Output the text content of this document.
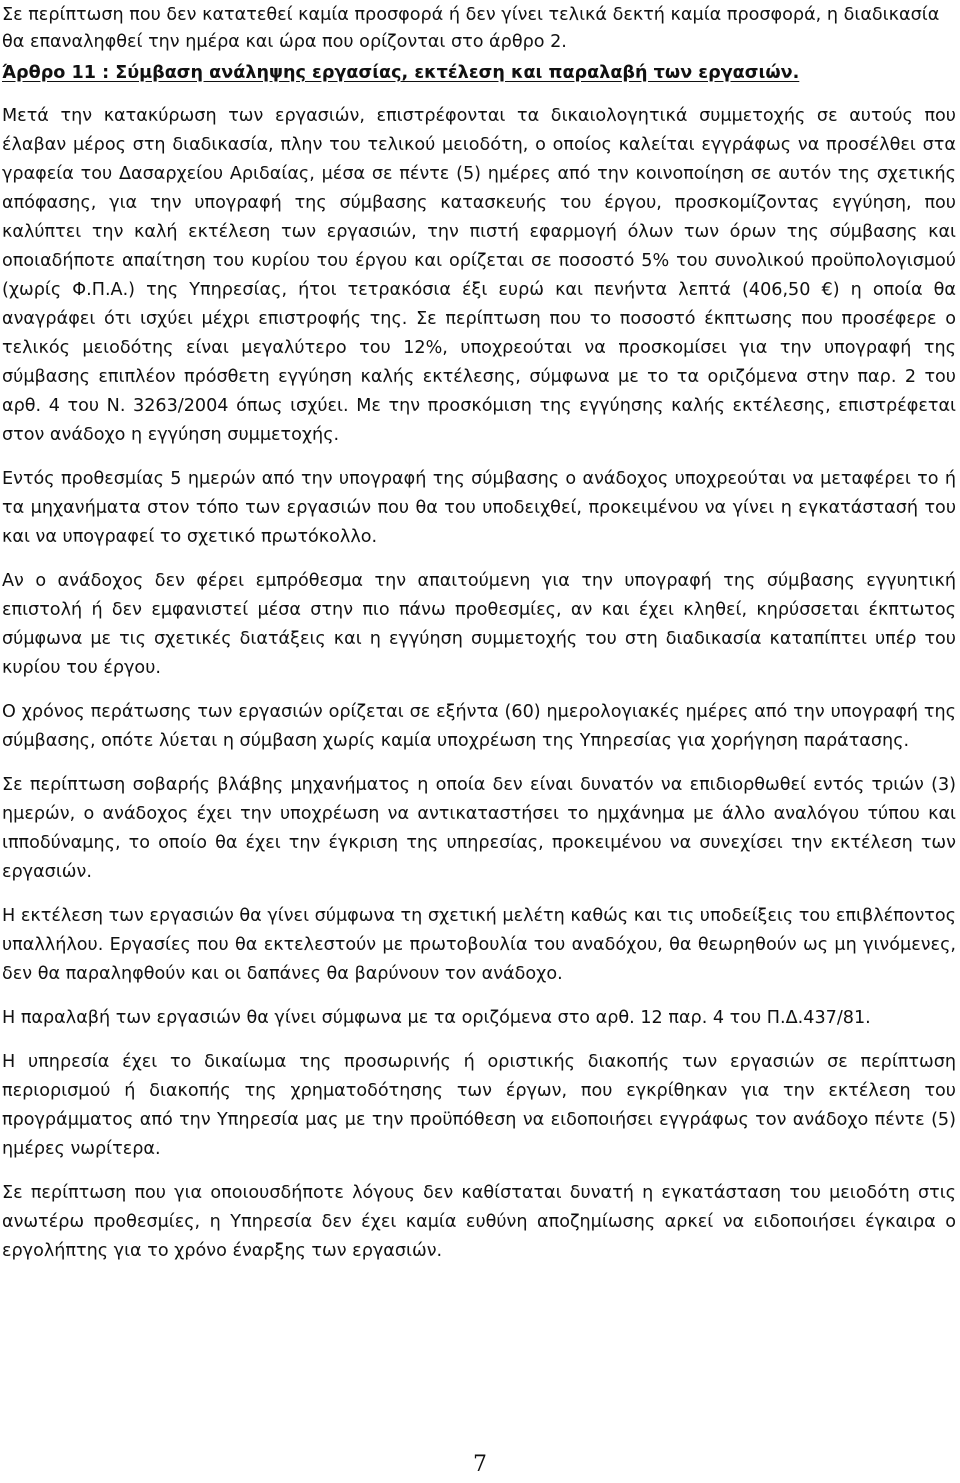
Σε περίπτωση που δεν κατατεθεί καμία προσφορά ή δεν γίνει τελικά δεκτή καμία προσφορά, η διαδικασία θα επαναληφθεί την ημέρα και ώρα που ορίζονται στο άρθρο 2.

Άρθρο 11 : Σύμβαση ανάληψης εργασίας, εκτέλεση και παραλαβή των εργασιών.

Μετά την κατακύρωση των εργασιών, επιστρέφονται τα δικαιολογητικά συμμετοχής σε αυτούς που έλαβαν μέρος στη διαδικασία, πλην του τελικού μειοδότη, ο οποίος καλείται εγγράφως να προσέλθει στα γραφεία του Δασαρχείου Αριδαίας, μέσα σε πέντε (5) ημέρες από την κοινοποίηση σε αυτόν της σχετικής απόφασης, για την υπογραφή της σύμβασης κατασκευής του έργου, προσκομίζοντας εγγύηση, που καλύπτει την καλή εκτέλεση των εργασιών, την πιστή εφαρμογή όλων των όρων της σύμβασης και οποιαδήποτε απαίτηση του κυρίου του έργου και ορίζεται σε ποσοστό 5% του συνολικού προϋπολογισμού (χωρίς Φ.Π.Α.) της Υπηρεσίας, ήτοι τετρακόσια έξι ευρώ και πενήντα λεπτά (406,50 €) η οποία θα αναγράφει ότι ισχύει μέχρι επιστροφής της. Σε περίπτωση που το ποσοστό έκπτωσης που προσέφερε ο τελικός μειοδότης είναι μεγαλύτερο του 12%, υποχρεούται να προσκομίσει για την υπογραφή της σύμβασης επιπλέον πρόσθετη εγγύηση καλής εκτέλεσης, σύμφωνα με το τα οριζόμενα στην παρ. 2 του αρθ. 4 του Ν. 3263/2004 όπως ισχύει. Με την προσκόμιση της εγγύησης καλής εκτέλεσης, επιστρέφεται στον ανάδοχο η εγγύηση συμμετοχής.

Εντός προθεσμίας 5 ημερών από την υπογραφή της σύμβασης ο ανάδοχος υποχρεούται να μεταφέρει το ή τα μηχανήματα στον τόπο των εργασιών που θα του υποδειχθεί, προκειμένου να γίνει η εγκατάστασή του και να υπογραφεί το σχετικό πρωτόκολλο.

Αν ο ανάδοχος δεν φέρει εμπρόθεσμα την απαιτούμενη για την υπογραφή της σύμβασης εγγυητική επιστολή ή δεν εμφανιστεί μέσα στην πιο πάνω προθεσμίες, αν και έχει κληθεί, κηρύσσεται έκπτωτος σύμφωνα με τις σχετικές διατάξεις και η εγγύηση συμμετοχής του στη διαδικασία καταπίπτει υπέρ του κυρίου του έργου.

Ο χρόνος περάτωσης των εργασιών ορίζεται σε εξήντα (60) ημερολογιακές ημέρες από την υπογραφή της σύμβασης, οπότε λύεται η σύμβαση χωρίς καμία υποχρέωση της Υπηρεσίας για χορήγηση παράτασης.

Σε περίπτωση σοβαρής βλάβης μηχανήματος η οποία δεν είναι δυνατόν να επιδιορθωθεί εντός τριών (3) ημερών, ο ανάδοχος έχει την υποχρέωση να αντικαταστήσει το ημχάνημα με άλλο αναλόγου τύπου και ιπποδύναμης, το οποίο θα έχει την έγκριση της υπηρεσίας, προκειμένου να συνεχίσει την εκτέλεση των εργασιών.

Η εκτέλεση των εργασιών θα γίνει σύμφωνα τη σχετική μελέτη καθώς και τις υποδείξεις του επιβλέποντος υπαλλήλου. Εργασίες που θα εκτελεστούν με πρωτοβουλία του αναδόχου, θα θεωρηθούν ως μη γινόμενες, δεν θα παραληφθούν και οι δαπάνες θα βαρύνουν τον ανάδοχο.

Η παραλαβή των εργασιών θα γίνει σύμφωνα με τα οριζόμενα στο αρθ. 12 παρ. 4 του Π.Δ.437/81.

Η υπηρεσία έχει το δικαίωμα της προσωρινής ή οριστικής διακοπής των εργασιών σε περίπτωση περιορισμού ή διακοπής της χρηματοδότησης των έργων, που εγκρίθηκαν για την εκτέλεση του προγράμματος από την Υπηρεσία μας με την προϋπόθεση να ειδοποιήσει εγγράφως τον ανάδοχο πέντε (5) ημέρες νωρίτερα.

Σε περίπτωση που για οποιουσδήποτε λόγους δεν καθίσταται δυνατή η εγκατάσταση του μειοδότη στις ανωτέρω προθεσμίες, η Υπηρεσία δεν έχει καμία ευθύνη αποζημίωσης αρκεί να ειδοποιήσει έγκαιρα ο εργολήπτης για το χρόνο έναρξης των εργασιών.

7
